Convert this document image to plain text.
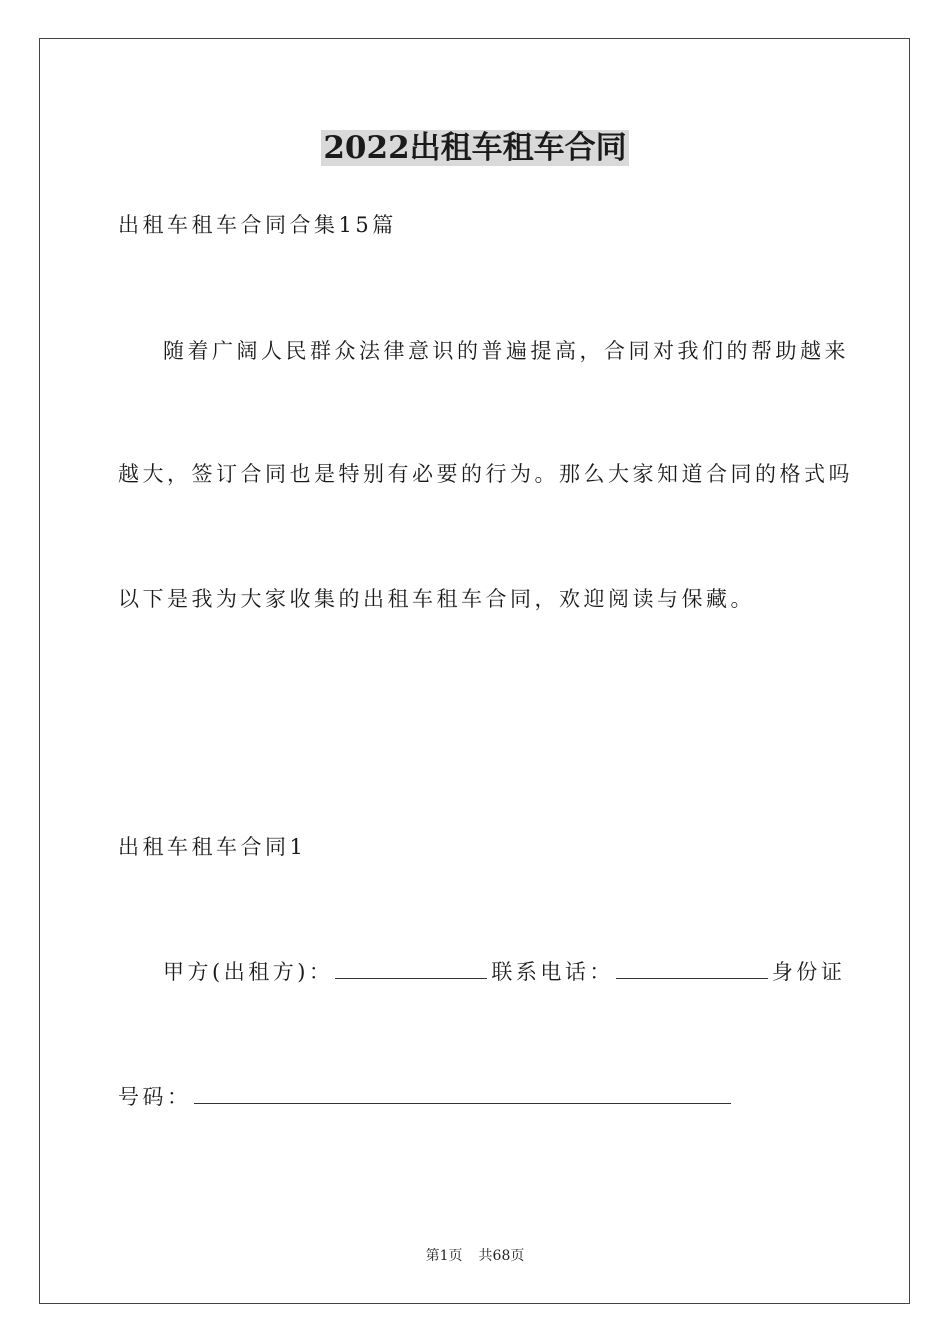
2022出租车租车合同
出租车租车合同合集15篇
随着广阔人民群众法律意识的普遍提高，合同对我们的帮助越来
越大，签订合同也是特别有必要的行为。那么大家知道合同的格式吗
以下是我为大家收集的出租车租车合同，欢迎阅读与保藏。
出租车租车合同1
甲方(出租方)：	联系电话：	身份证
号码：
第1页 共68页
